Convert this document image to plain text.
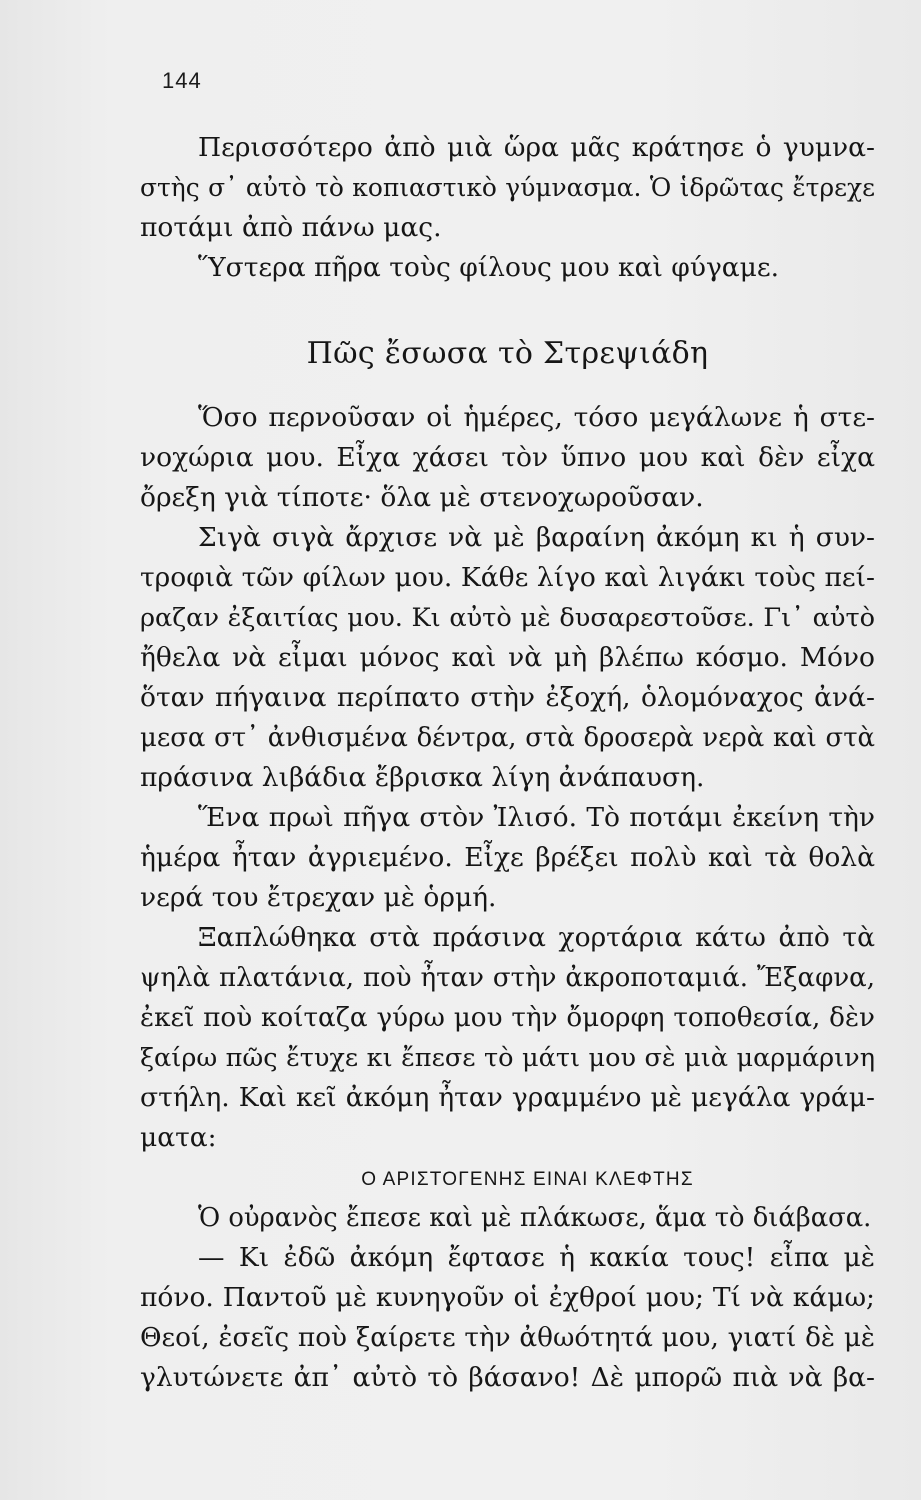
144
Περισσότερο ἀπὸ μιὰ ὥρα μᾶς κράτησε ὁ γυμνα-
στὴς σ᾽ αὐτὸ τὸ κοπιαστικὸ γύμνασμα. Ὁ ἱδρῶτας ἔτρεχε
ποτάμι ἀπὸ πάνω μας.
Ὕστερα πῆρα τοὺς φίλους μου καὶ φύγαμε.
Πῶς ἔσωσα τὸ Στρεψιάδη
Ὅσο περνοῦσαν οἱ ἡμέρες, τόσο μεγάλωνε ἡ στε-
νοχώρια μου. Εἶχα χάσει τὸν ὕπνο μου καὶ δὲν εἶχα
ὄρεξη γιὰ τίποτε· ὅλα μὲ στενοχωροῦσαν.
Σιγὰ σιγὰ ἄρχισε νὰ μὲ βαραίνη ἀκόμη κι ἡ συν-
τροφιὰ τῶν φίλων μου. Κάθε λίγο καὶ λιγάκι τοὺς πεί-
ραζαν ἐξαιτίας μου. Κι αὐτὸ μὲ δυσαρεστοῦσε. Γι᾽ αὐτὸ
ἤθελα νὰ εἶμαι μόνος καὶ νὰ μὴ βλέπω κόσμο. Μόνο
ὅταν πήγαινα περίπατο στὴν ἐξοχή, ὁλομόναχος ἀνά-
μεσα στ᾽ ἀνθισμένα δέντρα, στὰ δροσερὰ νερὰ καὶ στὰ
πράσινα λιβάδια ἔβρισκα λίγη ἀνάπαυση.
Ἕνα πρωὶ πῆγα στὸν Ἰλισό. Τὸ ποτάμι ἐκείνη τὴν
ἡμέρα ἦταν ἀγριεμένο. Εἶχε βρέξει πολὺ καὶ τὰ θολὰ
νερά του ἔτρεχαν μὲ ὁρμή.
Ξαπλώθηκα στὰ πράσινα χορτάρια κάτω ἀπὸ τὰ
ψηλὰ πλατάνια, ποὺ ἦταν στὴν ἀκροποταμιά. Ἔξαφνα,
ἐκεῖ ποὺ κοίταζα γύρω μου τὴν ὄμορφη τοποθεσία, δὲν
ξαίρω πῶς ἔτυχε κι ἔπεσε τὸ μάτι μου σὲ μιὰ μαρμάρινη
στήλη. Καὶ κεῖ ἀκόμη ἦταν γραμμένο μὲ μεγάλα γράμ-
ματα:
Ο ΑΡΙΣΤΟΓΕΝΗΣ ΕΙΝΑΙ ΚΛΕΦΤΗΣ
Ὁ οὐρανὸς ἔπεσε καὶ μὲ πλάκωσε, ἅμα τὸ διάβασα.
— Κι ἐδῶ ἀκόμη ἔφτασε ἡ κακία τους! εἶπα μὲ
πόνο. Παντοῦ μὲ κυνηγοῦν οἱ ἐχθροί μου; Τί νὰ κάμω;
Θεοί, ἐσεῖς ποὺ ξαίρετε τὴν ἀθωότητά μου, γιατί δὲ μὲ
γλυτώνετε ἀπ᾽ αὐτὸ τὸ βάσανο! Δὲ μπορῶ πιὰ νὰ βα-
